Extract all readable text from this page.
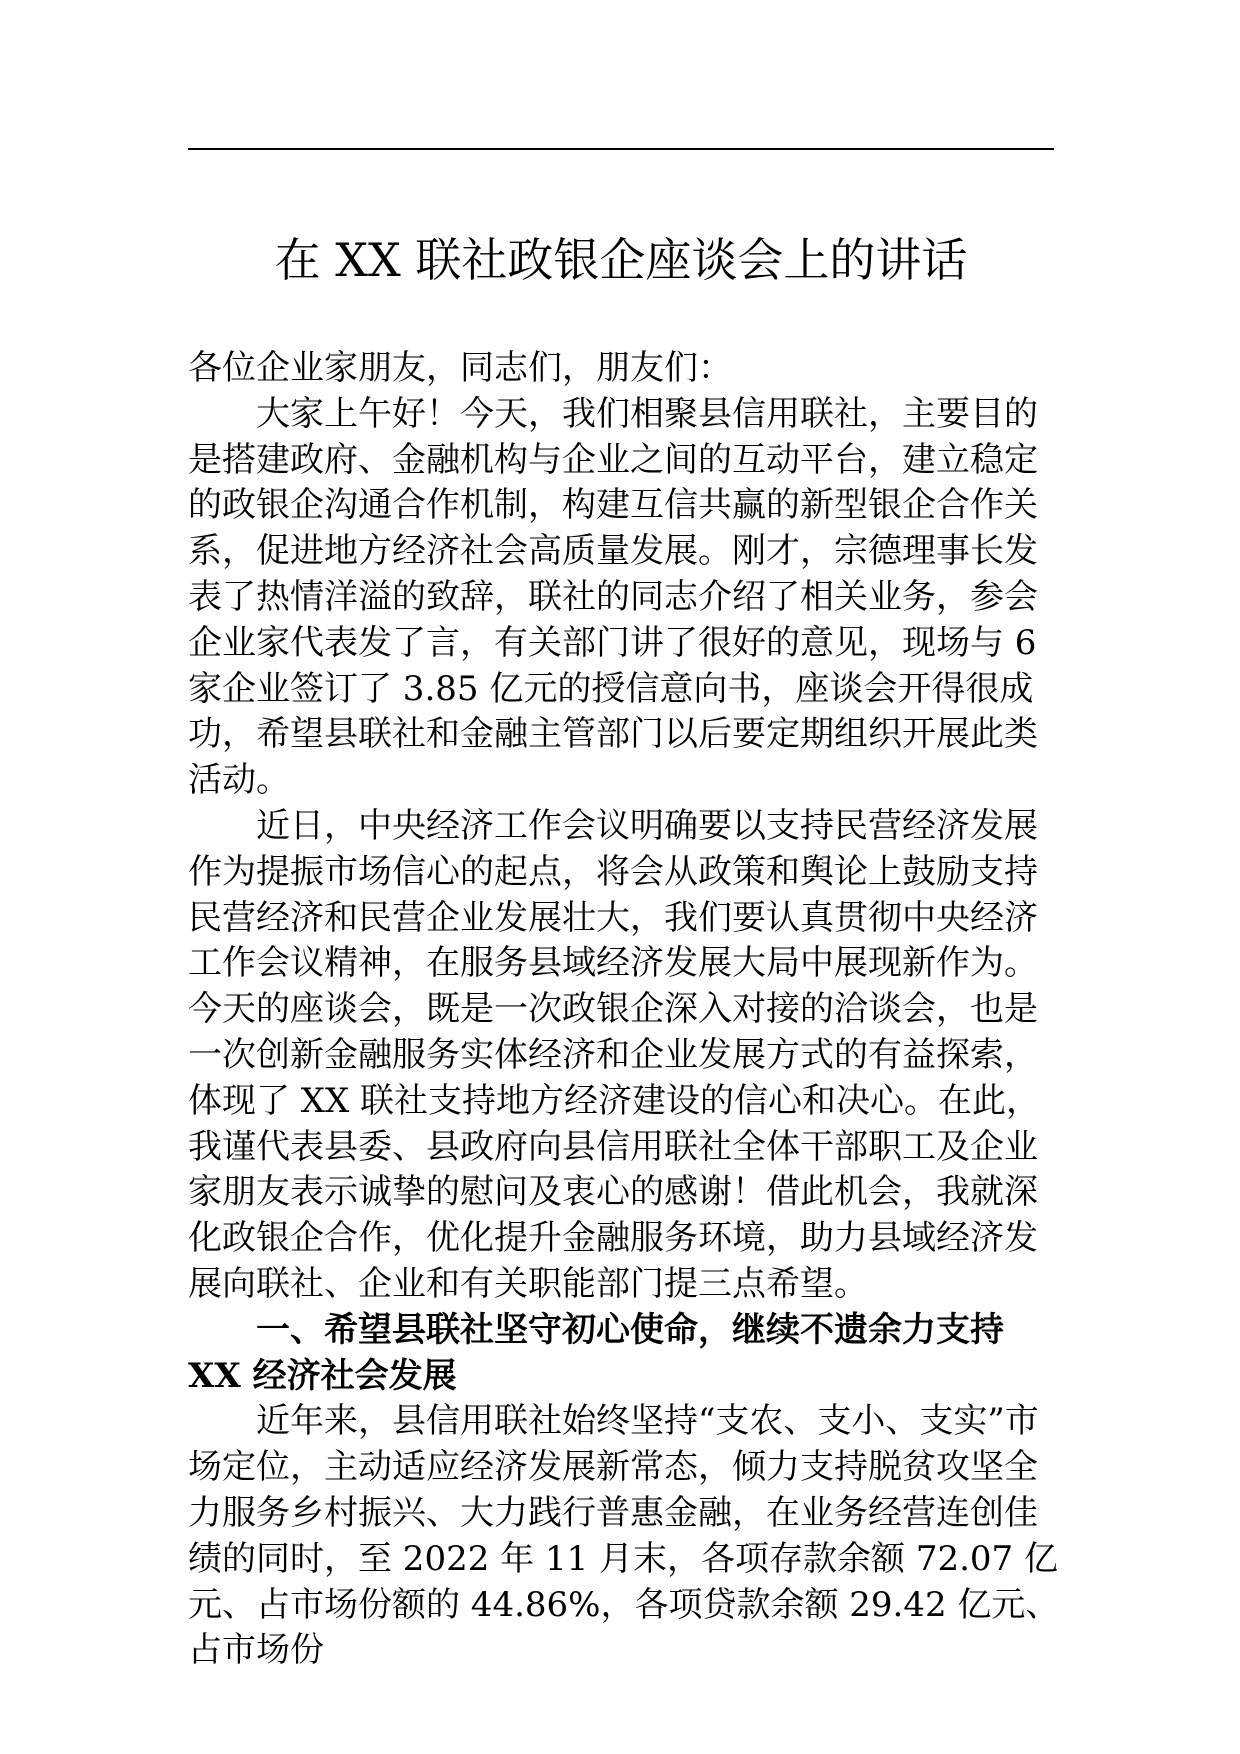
在 XX 联社政银企座谈会上的讲话

各位企业家朋友，同志们，朋友们：

大家上午好！今天，我们相聚县信用联社，主要目的是搭建政府、金融机构与企业之间的互动平台，建立稳定的政银企沟通合作机制，构建互信共赢的新型银企合作关系，促进地方经济社会高质量发展。刚才，宗德理事长发表了热情洋溢的致辞，联社的同志介绍了相关业务，参会企业家代表发了言，有关部门讲了很好的意见，现场与 6 家企业签订了 3.85 亿元的授信意向书，座谈会开得很成功，希望县联社和金融主管部门以后要定期组织开展此类活动。

近日，中央经济工作会议明确要以支持民营经济发展作为提振市场信心的起点，将会从政策和舆论上鼓励支持民营经济和民营企业发展壮大，我们要认真贯彻中央经济工作会议精神，在服务县域经济发展大局中展现新作为。今天的座谈会，既是一次政银企深入对接的洽谈会，也是一次创新金融服务实体经济和企业发展方式的有益探索，体现了 XX 联社支持地方经济建设的信心和决心。在此，我谨代表县委、县政府向县信用联社全体干部职工及企业家朋友表示诚挚的慰问及衷心的感谢！借此机会，我就深化政银企合作，优化提升金融服务环境，助力县域经济发展向联社、企业和有关职能部门提三点希望。

一、希望县联社坚守初心使命，继续不遗余力支持 XX 经济社会发展

近年来，县信用联社始终坚持“支农、支小、支实”市场定位，主动适应经济发展新常态，倾力支持脱贫攻坚全力服务乡村振兴、大力践行普惠金融，在业务经营连创佳绩的同时，至 2022 年 11 月末，各项存款余额 72.07 亿元、占市场份额的 44.86%，各项贷款余额 29.42 亿元、占市场份
